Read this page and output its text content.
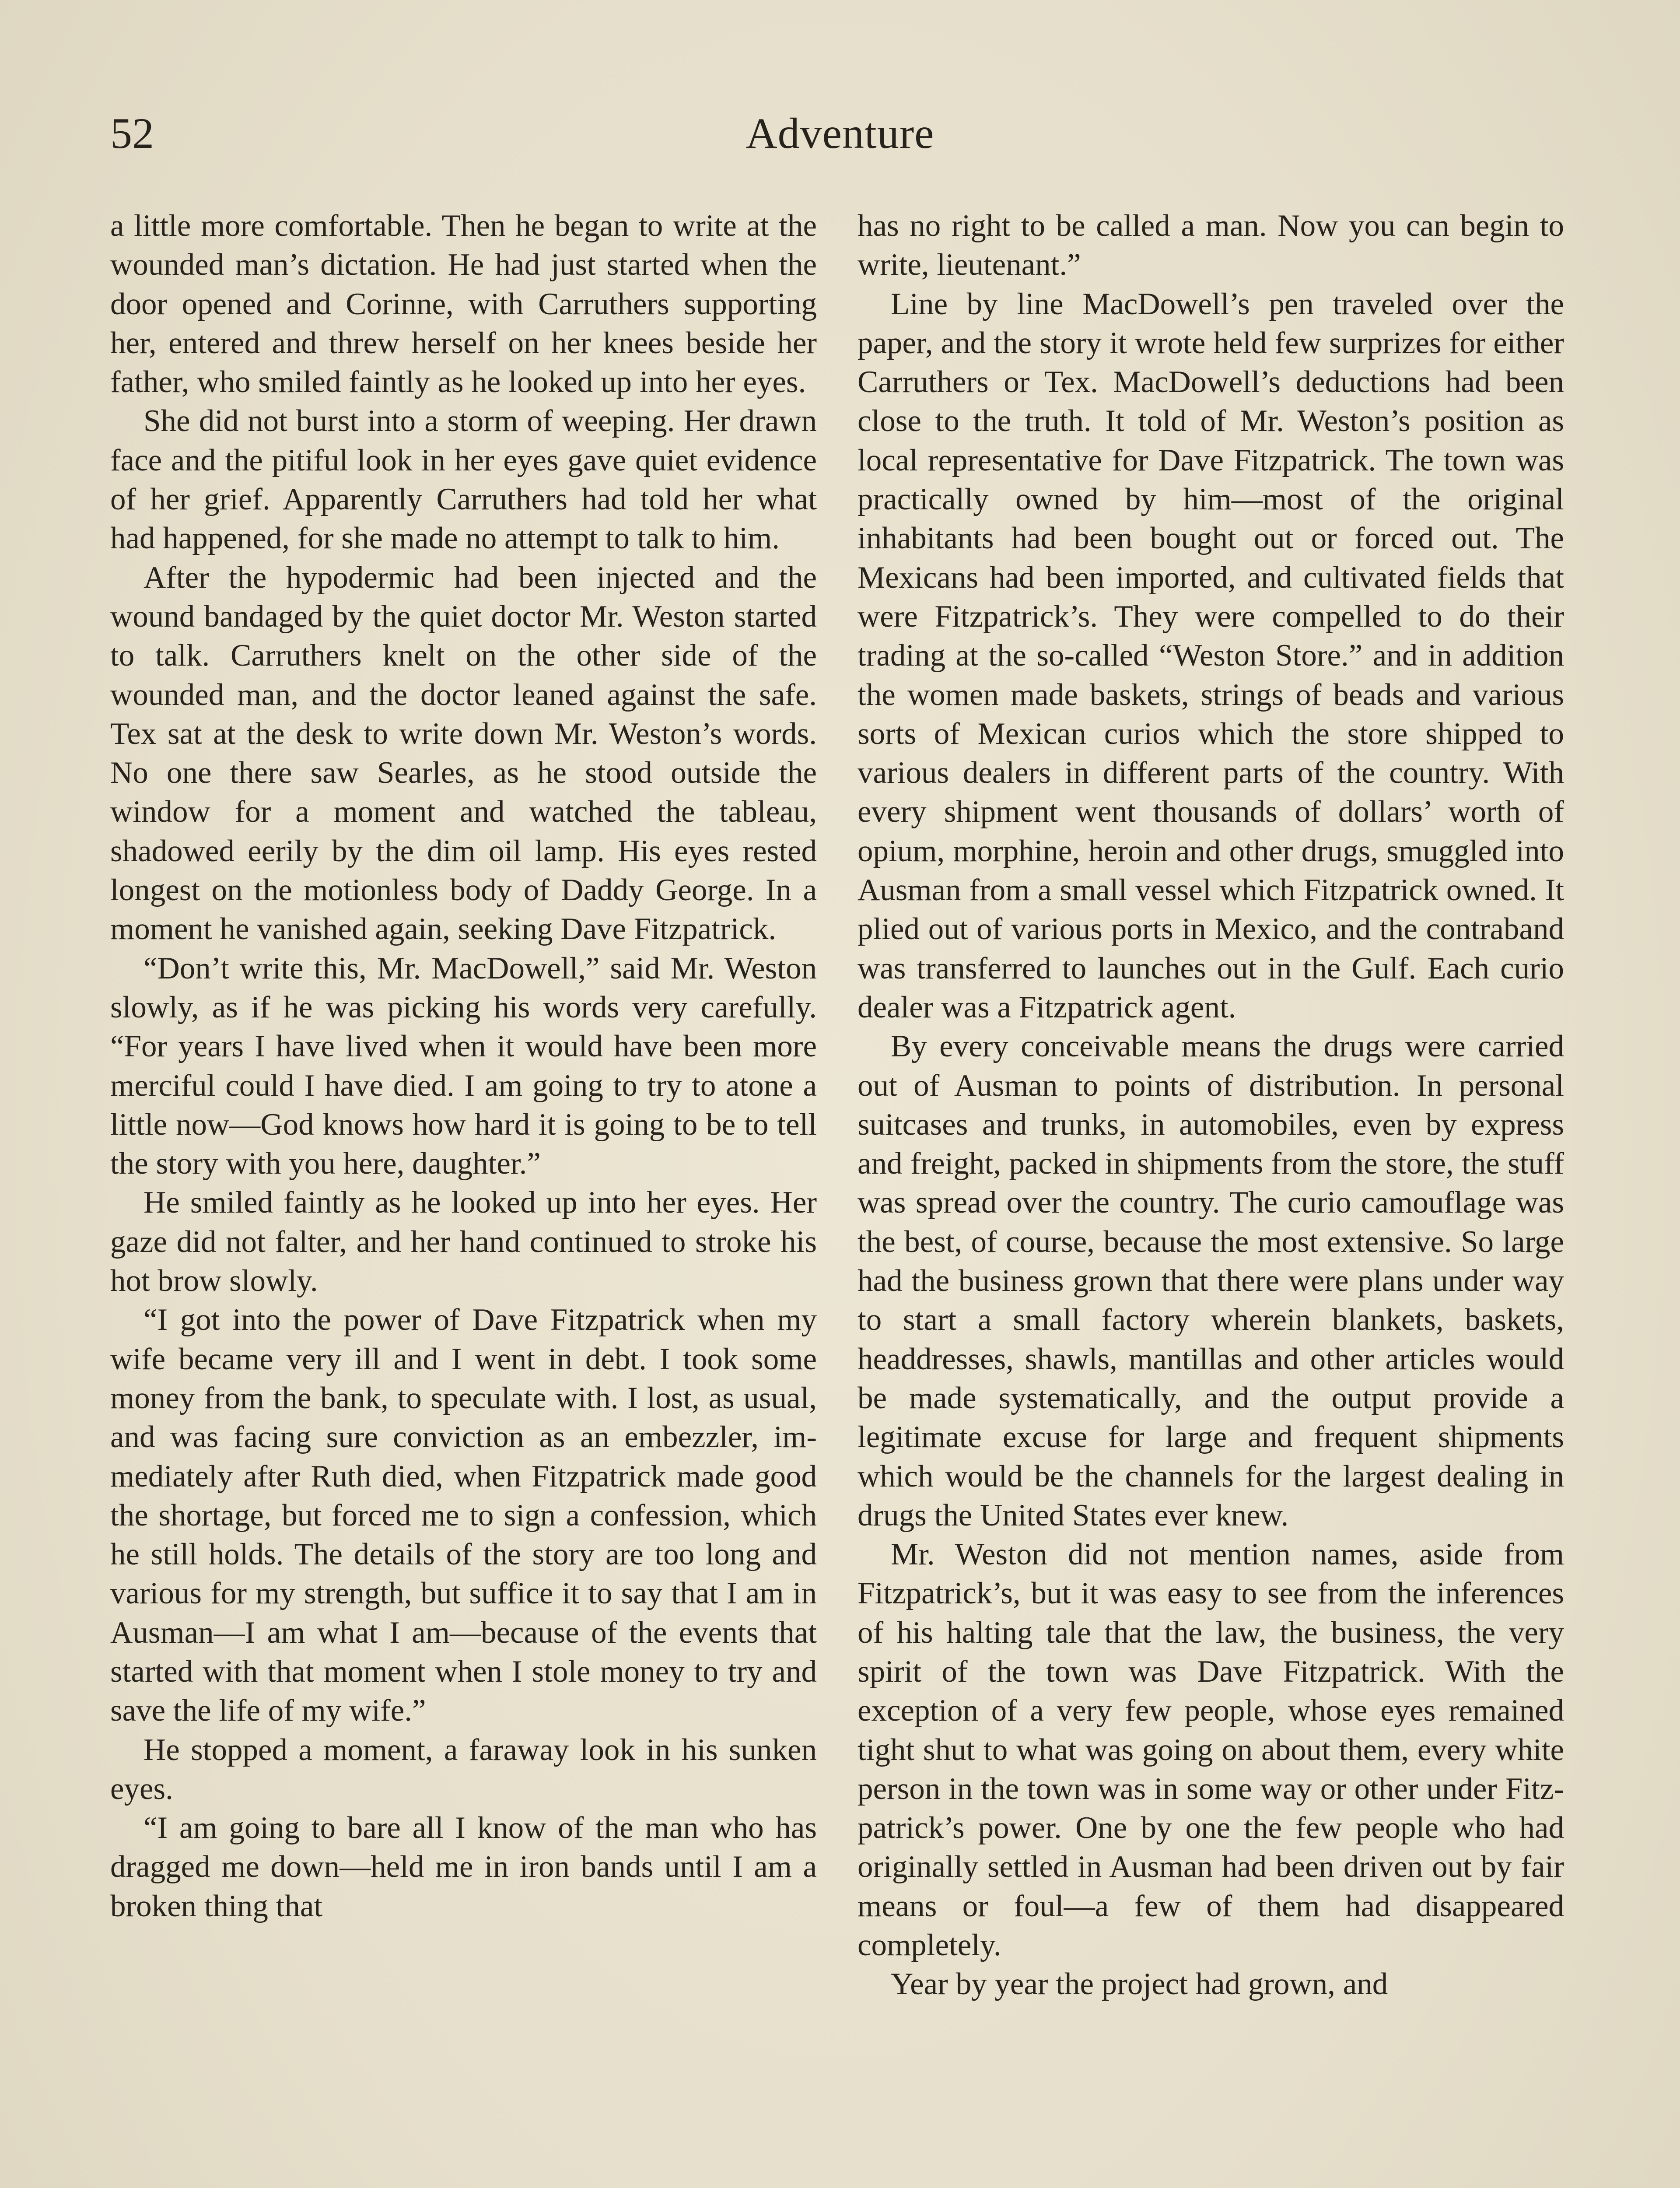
52	Adventure

a little more comfortable. Then he began to write at the wounded man’s dictation. He had just started when the door opened and Corinne, with Carruthers supporting her, entered and threw herself on her knees beside her father, who smiled faintly as he looked up into her eyes.

She did not burst into a storm of weeping. Her drawn face and the pitiful look in her eyes gave quiet evidence of her grief. Apparently Carruthers had told her what had happened, for she made no attempt to talk to him.

After the hypodermic had been injected and the wound bandaged by the quiet doctor Mr. Weston started to talk. Carruthers knelt on the other side of the wounded man, and the doctor leaned against the safe. Tex sat at the desk to write down Mr. Weston’s words. No one there saw Searles, as he stood outside the window for a moment and watched the tableau, shadowed eerily by the dim oil lamp. His eyes rested longest on the motionless body of Daddy George. In a moment he vanished again, seeking Dave Fitzpatrick.

“Don’t write this, Mr. MacDowell,” said Mr. Weston slowly, as if he was picking his words very carefully. “For years I have lived when it would have been more merciful could I have died. I am going to try to atone a little now—God knows how hard it is going to be to tell the story with you here, daughter.”

He smiled faintly as he looked up into her eyes. Her gaze did not falter, and her hand continued to stroke his hot brow slowly.

“I got into the power of Dave Fitzpatrick when my wife became very ill and I went in debt. I took some money from the bank, to speculate with. I lost, as usual, and was facing sure conviction as an embezzler, immediately after Ruth died, when Fitzpatrick made good the shortage, but forced me to sign a confession, which he still holds. The details of the story are too long and various for my strength, but suffice it to say that I am in Ausman—I am what I am—because of the events that started with that moment when I stole money to try and save the life of my wife.”

He stopped a moment, a faraway look in his sunken eyes.

“I am going to bare all I know of the man who has dragged me down—held me in iron bands until I am a broken thing that

has no right to be called a man. Now you can begin to write, lieutenant.”

Line by line MacDowell’s pen traveled over the paper, and the story it wrote held few surprizes for either Carruthers or Tex. MacDowell’s deductions had been close to the truth. It told of Mr. Weston’s position as local representative for Dave Fitzpatrick. The town was practically owned by him—most of the original inhabitants had been bought out or forced out. The Mexicans had been imported, and cultivated fields that were Fitzpatrick’s. They were compelled to do their trading at the so-called “Weston Store.” and in addition the women made baskets, strings of beads and various sorts of Mexican curios which the store shipped to various dealers in different parts of the country. With every shipment went thousands of dollars’ worth of opium, morphine, heroin and other drugs, smuggled into Ausman from a small vessel which Fitzpatrick owned. It plied out of various ports in Mexico, and the contraband was transferred to launches out in the Gulf. Each curio dealer was a Fitzpatrick agent.

By every conceivable means the drugs were carried out of Ausman to points of distribution. In personal suitcases and trunks, in automobiles, even by express and freight, packed in shipments from the store, the stuff was spread over the country. The curio camouflage was the best, of course, because the most extensive. So large had the business grown that there were plans under way to start a small factory wherein blankets, baskets, headdresses, shawls, mantillas and other articles would be made systematically, and the output provide a legitimate excuse for large and frequent shipments which would be the channels for the largest dealing in drugs the United States ever knew.

Mr. Weston did not mention names, aside from Fitzpatrick’s, but it was easy to see from the inferences of his halting tale that the law, the business, the very spirit of the town was Dave Fitzpatrick. With the exception of a very few people, whose eyes remained tight shut to what was going on about them, every white person in the town was in some way or other under Fitzpatrick’s power. One by one the few people who had originally settled in Ausman had been driven out by fair means or foul—a few of them had disappeared completely.

Year by year the project had grown, and
